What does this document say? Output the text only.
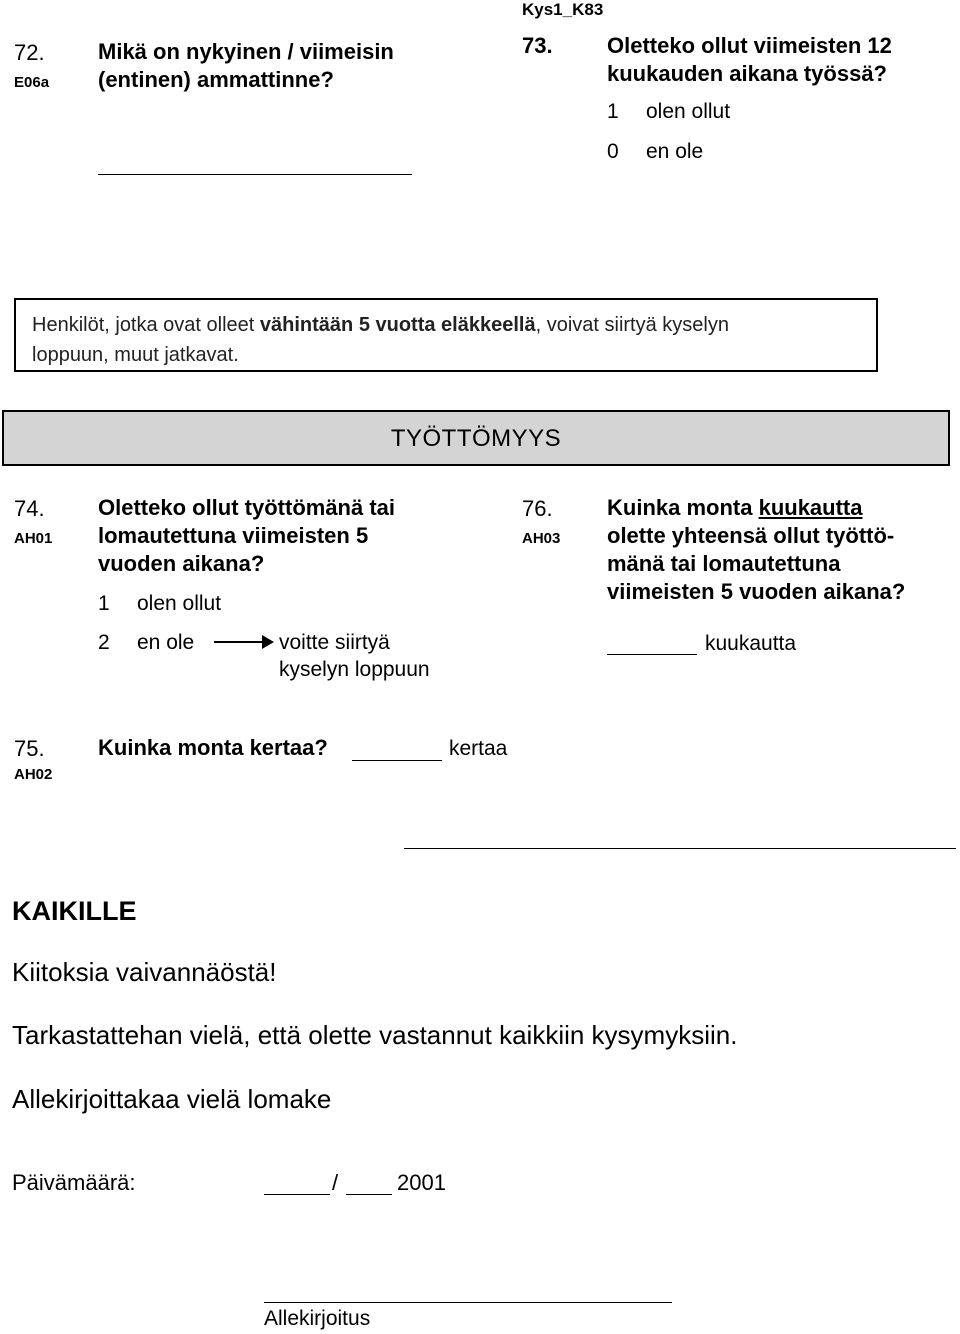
Kys1_K83
72.
E06a
Mikä on nykyinen / viimeisin
(entinen) ammattinne?
73. Oletteko ollut viimeisten 12
kuukauden aikana työssä?
1 olen ollut
0 en ole
Henkilöt, jotka ovat olleet vähintään 5 vuotta eläkkeellä, voivat siirtyä kyselyn
loppuun, muut jatkavat.
TYÖTTÖMYYS
74.
AH01
Oletteko ollut työttömänä tai
lomautettuna viimeisten 5
vuoden aikana?
1 olen ollut
2 en ole	voitte siirtyä
kyselyn loppuun
76.
AH03
Kuinka monta kuukautta
olette yhteensä ollut työttö-
mänä tai lomautettuna
viimeisten 5 vuoden aikana?
kuukautta
75.
AH02
Kuinka monta kertaa?	kertaa
KAIKILLE
Kiitoksia vaivannäöstä!
Tarkastattehan vielä, että olette vastannut kaikkiin kysymyksiin.
Allekirjoittakaa vielä lomake
Päivämäärä:	/	2001
Allekirjoitus
